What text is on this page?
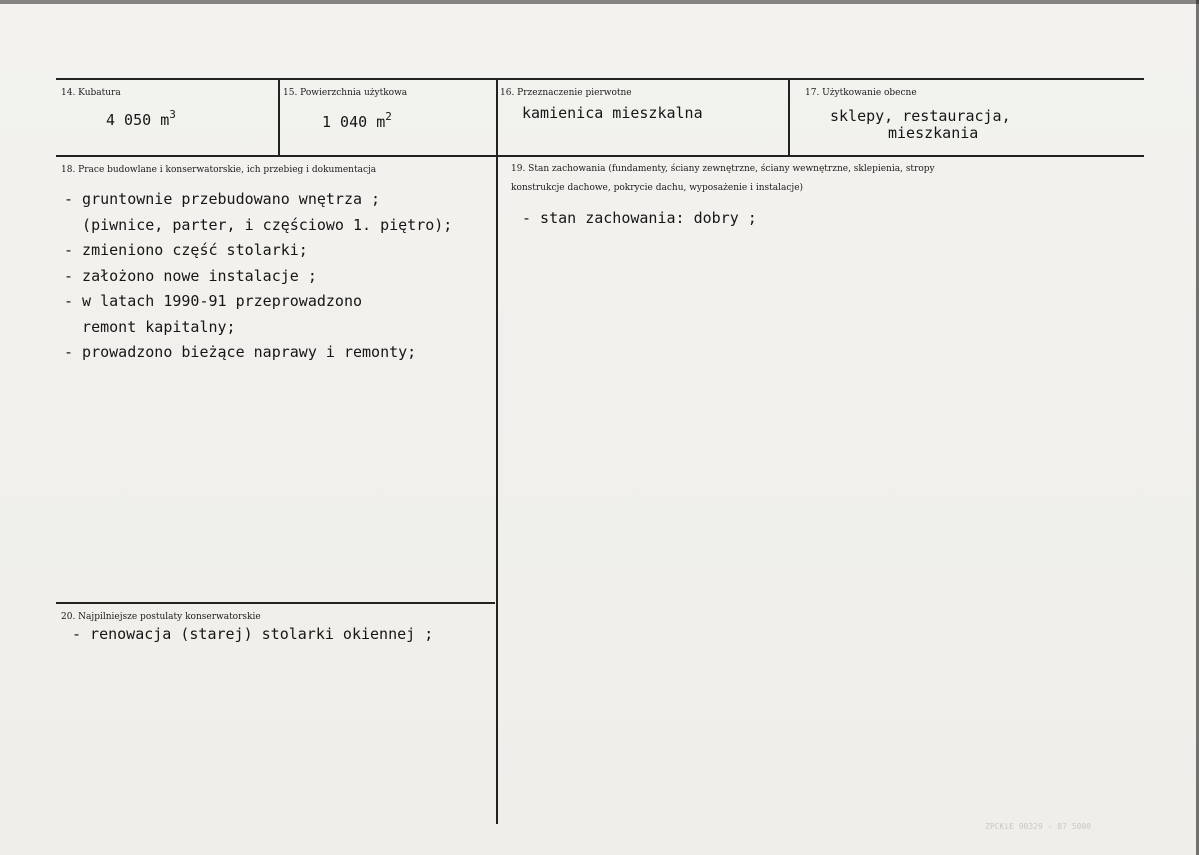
14. Kubatura
4 050 $m^3$
15. Powierzchnia użytkowa
1 040 $m^2$
16. Przeznaczenie pierwotne
kamienica mieszkalna
17. Użytkowanie obecne
sklepy, restauracja,
mieszkania
18. Prace budowlane i konserwatorskie, ich przebieg i dokumentacja
- gruntownie przebudowano wnętrza ;
(piwnice, parter, i częściowo 1. piętro);
- zmieniono część stolarki;
- założono nowe instalacje ;
- w latach 1990-91 przeprowadzono
remont kapitalny;
- prowadzono bieżące naprawy i remonty;
19. Stan zachowania (fundamenty, ściany zewnętrzne, ściany wewnętrzne, sklepienia, stropy
konstrukcje dachowe, pokrycie dachu, wyposażenie i instalacje)
- stan zachowania: dobry ;
20. Najpilniejsze postulaty konserwatorskie
- renowacja (starej) stolarki okiennej ;
ZPCKiE 90329 - 87 5000
